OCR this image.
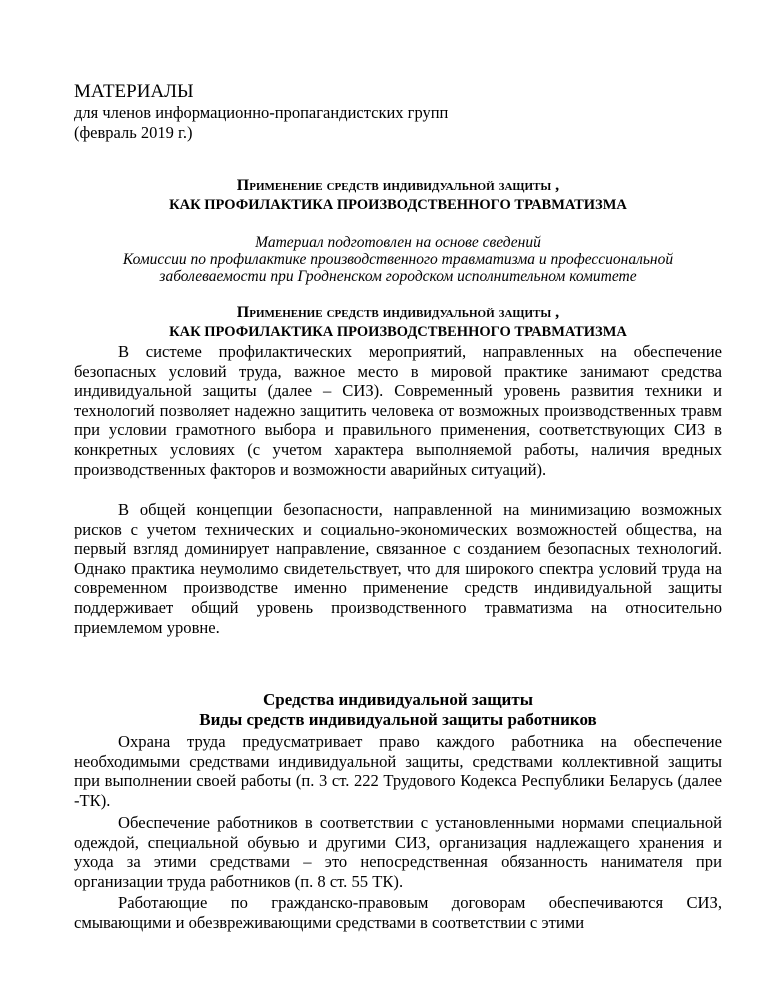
МАТЕРИАЛЫ
для членов информационно-пропагандистских групп
(февраль 2019 г.)
Применение средств индивидуальной защиты ,
КАК ПРОФИЛАКТИКА ПРОИЗВОДСТВЕННОГО ТРАВМАТИЗМА
Материал подготовлен на основе сведений
Комиссии по профилактике производственного травматизма и профессиональной
заболеваемости при Гродненском городском исполнительном комитете
Применение средств индивидуальной защиты ,
КАК ПРОФИЛАКТИКА ПРОИЗВОДСТВЕННОГО ТРАВМАТИЗМА

В системе профилактических мероприятий, направленных на обеспечение безопасных условий труда, важное место в мировой практике занимают средства индивидуальной защиты (далее – СИЗ). Современный уровень развития техники и технологий позволяет надежно защитить человека от возможных производственных травм при условии грамотного выбора и правильного применения, соответствующих СИЗ в конкретных условиях (с учетом характера выполняемой работы, наличия вредных производственных факторов и возможности аварийных ситуаций).

В общей концепции безопасности, направленной на минимизацию возможных рисков с учетом технических и социально-экономических возможностей общества, на первый взгляд доминирует направление, связанное с созданием безопасных технологий. Однако практика неумолимо свидетельствует, что для широкого спектра условий труда на современном производстве именно применение средств индивидуальной защиты поддерживает общий уровень производственного травматизма на относительно приемлемом уровне.

Средства индивидуальной защиты
Виды средств индивидуальной защиты работников

Охрана труда предусматривает право каждого работника на обеспечение необходимыми средствами индивидуальной защиты, средствами коллективной защиты при выполнении своей работы (п. 3 ст. 222 Трудового Кодекса Республики Беларусь (далее -ТК).

Обеспечение работников в соответствии с установленными нормами специальной одеждой, специальной обувью и другими СИЗ, организация надлежащего хранения и ухода за этими средствами – это непосредственная обязанность нанимателя при организации труда работников (п. 8 ст. 55 ТК).

Работающие по гражданско-правовым договорам обеспечиваются СИЗ, смывающими и обезвреживающими средствами в соответствии с этими
